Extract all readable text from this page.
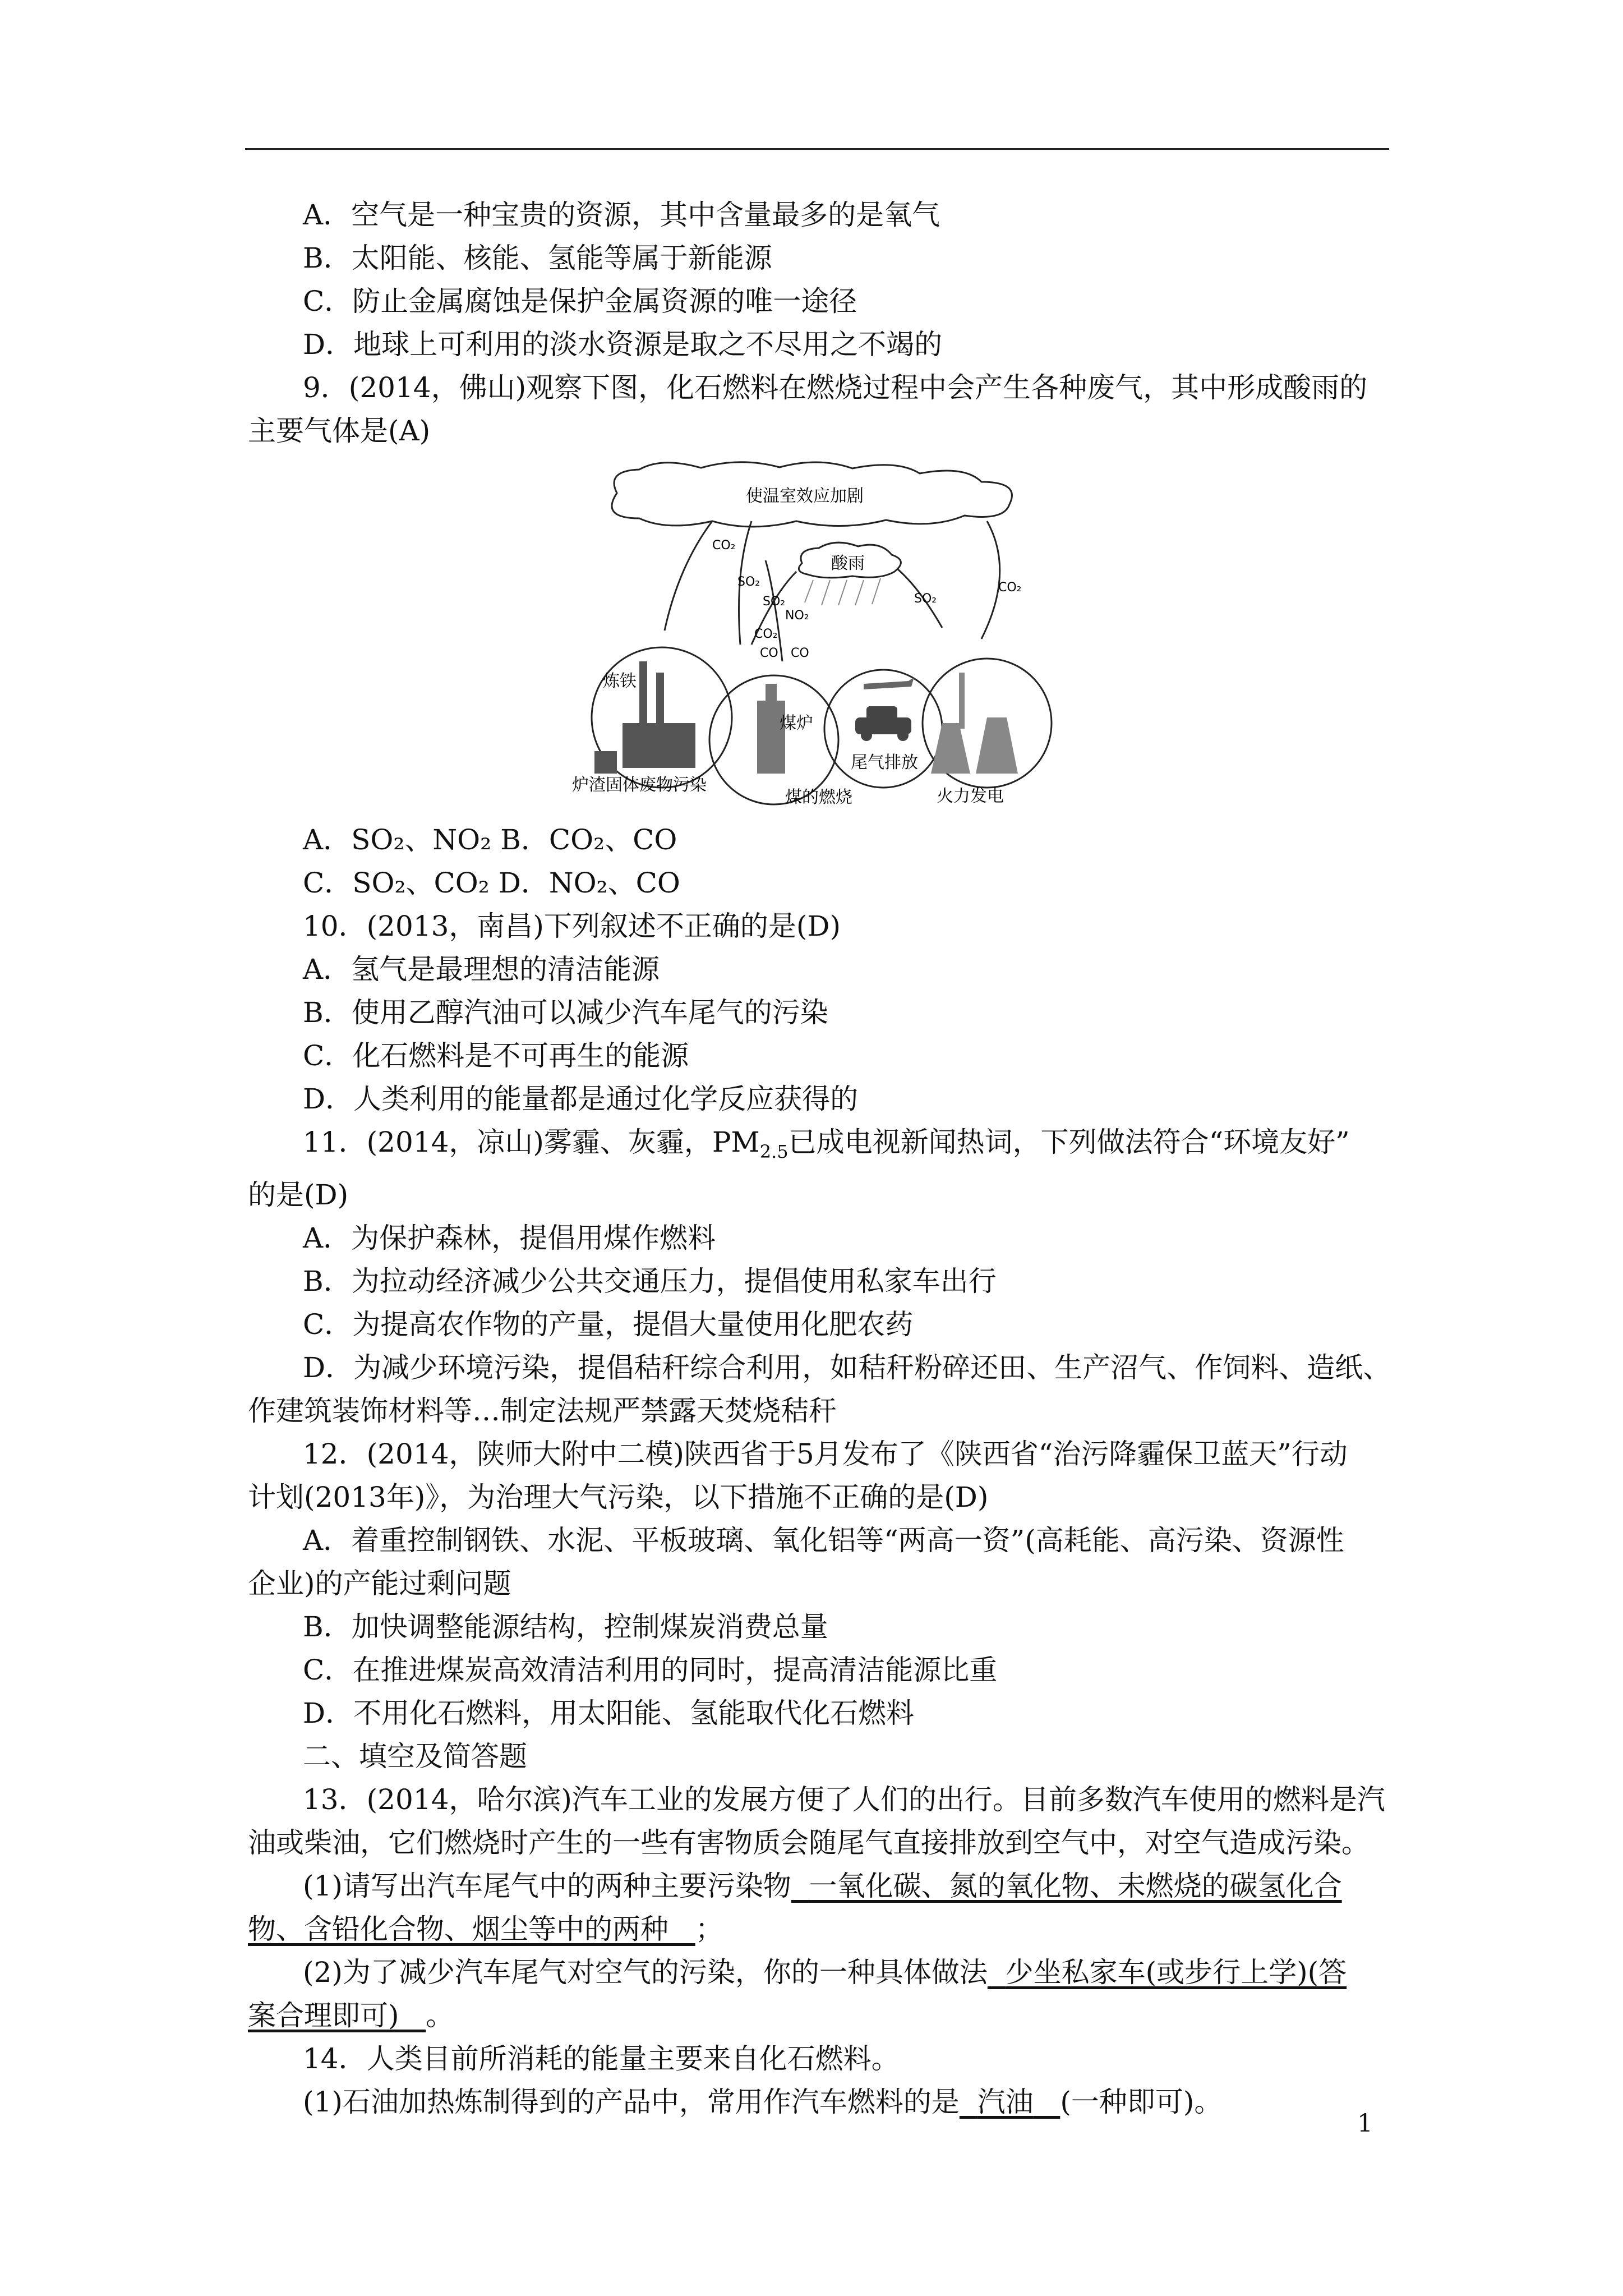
A．空气是一种宝贵的资源，其中含量最多的是氧气
B．太阳能、核能、氢能等属于新能源
C．防止金属腐蚀是保护金属资源的唯一途径
D．地球上可利用的淡水资源是取之不尽用之不竭的
9．(2014，佛山)观察下图，化石燃料在燃烧过程中会产生各种废气，其中形成酸雨的
主要气体是(A)
使温室效应加剧
酸雨
CO₂
SO₂
SO₂
NO₂
CO₂
CO CO
SO₂
CO₂
炼铁
煤炉
尾气排放
炉渣固体废物污染
煤的燃烧	火力发电
A．SO₂、NO₂ B．CO₂、CO
C．SO₂、CO₂ D．NO₂、CO
10．(2013，南昌)下列叙述不正确的是(D)
A．氢气是最理想的清洁能源
B．使用乙醇汽油可以减少汽车尾气的污染
C．化石燃料是不可再生的能源
D．人类利用的能量都是通过化学反应获得的
11．(2014，凉山)雾霾、灰霾，$PM_{2.5}$已成电视新闻热词，下列做法符合“环境友好”
的是(D)
A．为保护森林，提倡用煤作燃料
B．为拉动经济减少公共交通压力，提倡使用私家车出行
C．为提高农作物的产量，提倡大量使用化肥农药
D．为减少环境污染，提倡秸秆综合利用，如秸秆粉碎还田、生产沼气、作饲料、造纸、
作建筑装饰材料等…制定法规严禁露天焚烧秸秆
12．(2014，陕师大附中二模)陕西省于5月发布了《陕西省“治污降霾保卫蓝天”行动
计划(2013年)》，为治理大气污染，以下措施不正确的是(D)
A．着重控制钢铁、水泥、平板玻璃、氧化铝等“两高一资”(高耗能、高污染、资源性
企业)的产能过剩问题
B．加快调整能源结构，控制煤炭消费总量
C．在推进煤炭高效清洁利用的同时，提高清洁能源比重
D．不用化石燃料，用太阳能、氢能取代化石燃料
二、填空及简答题
13．(2014，哈尔滨)汽车工业的发展方便了人们的出行。目前多数汽车使用的燃料是汽
油或柴油，它们燃烧时产生的一些有害物质会随尾气直接排放到空气中，对空气造成污染。
(1)请写出汽车尾气中的两种主要污染物 一氧化碳、氮的氧化物、未燃烧的碳氢化合
物、含铅化合物、烟尘等中的两种 ；
(2)为了减少汽车尾气对空气的污染，你的一种具体做法 少坐私家车(或步行上学)(答
案合理即可) 。
14．人类目前所消耗的能量主要来自化石燃料。
(1)石油加热炼制得到的产品中，常用作汽车燃料的是 汽油 (一种即可)。
1
